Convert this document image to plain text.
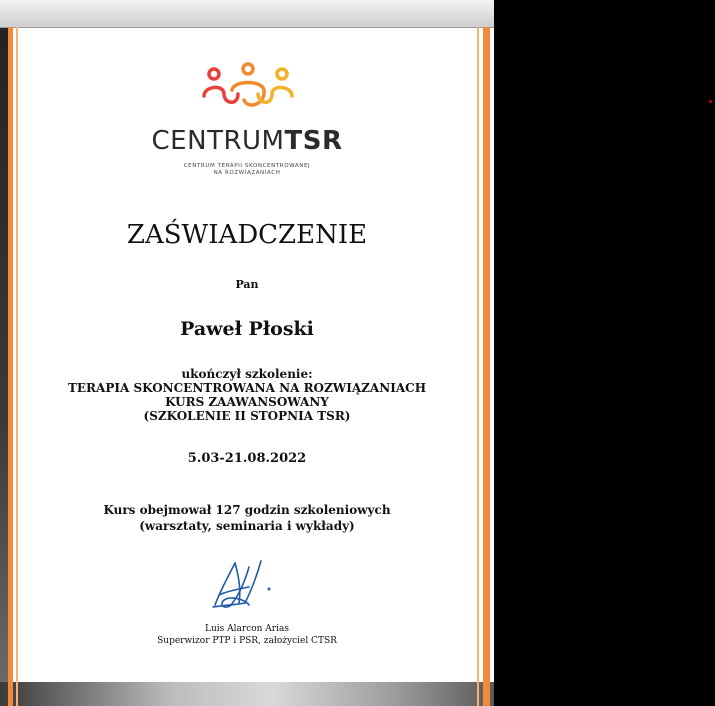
CENTRUMTSR
CENTRUM TERAPII SKONCENTROWANEJ
NA ROZWIĄZANIACH
ZAŚWIADCZENIE
Pan
Paweł Płoski
ukończył szkolenie:
TERAPIA SKONCENTROWANA NA ROZWIĄZANIACH
KURS ZAAWANSOWANY
(SZKOLENIE II STOPNIA TSR)
5.03-21.08.2022
Kurs obejmował 127 godzin szkoleniowych
(warsztaty, seminaria i wykłady)
Luis Alarcon Arias
Superwizor PTP i PSR, założyciel CTSR
